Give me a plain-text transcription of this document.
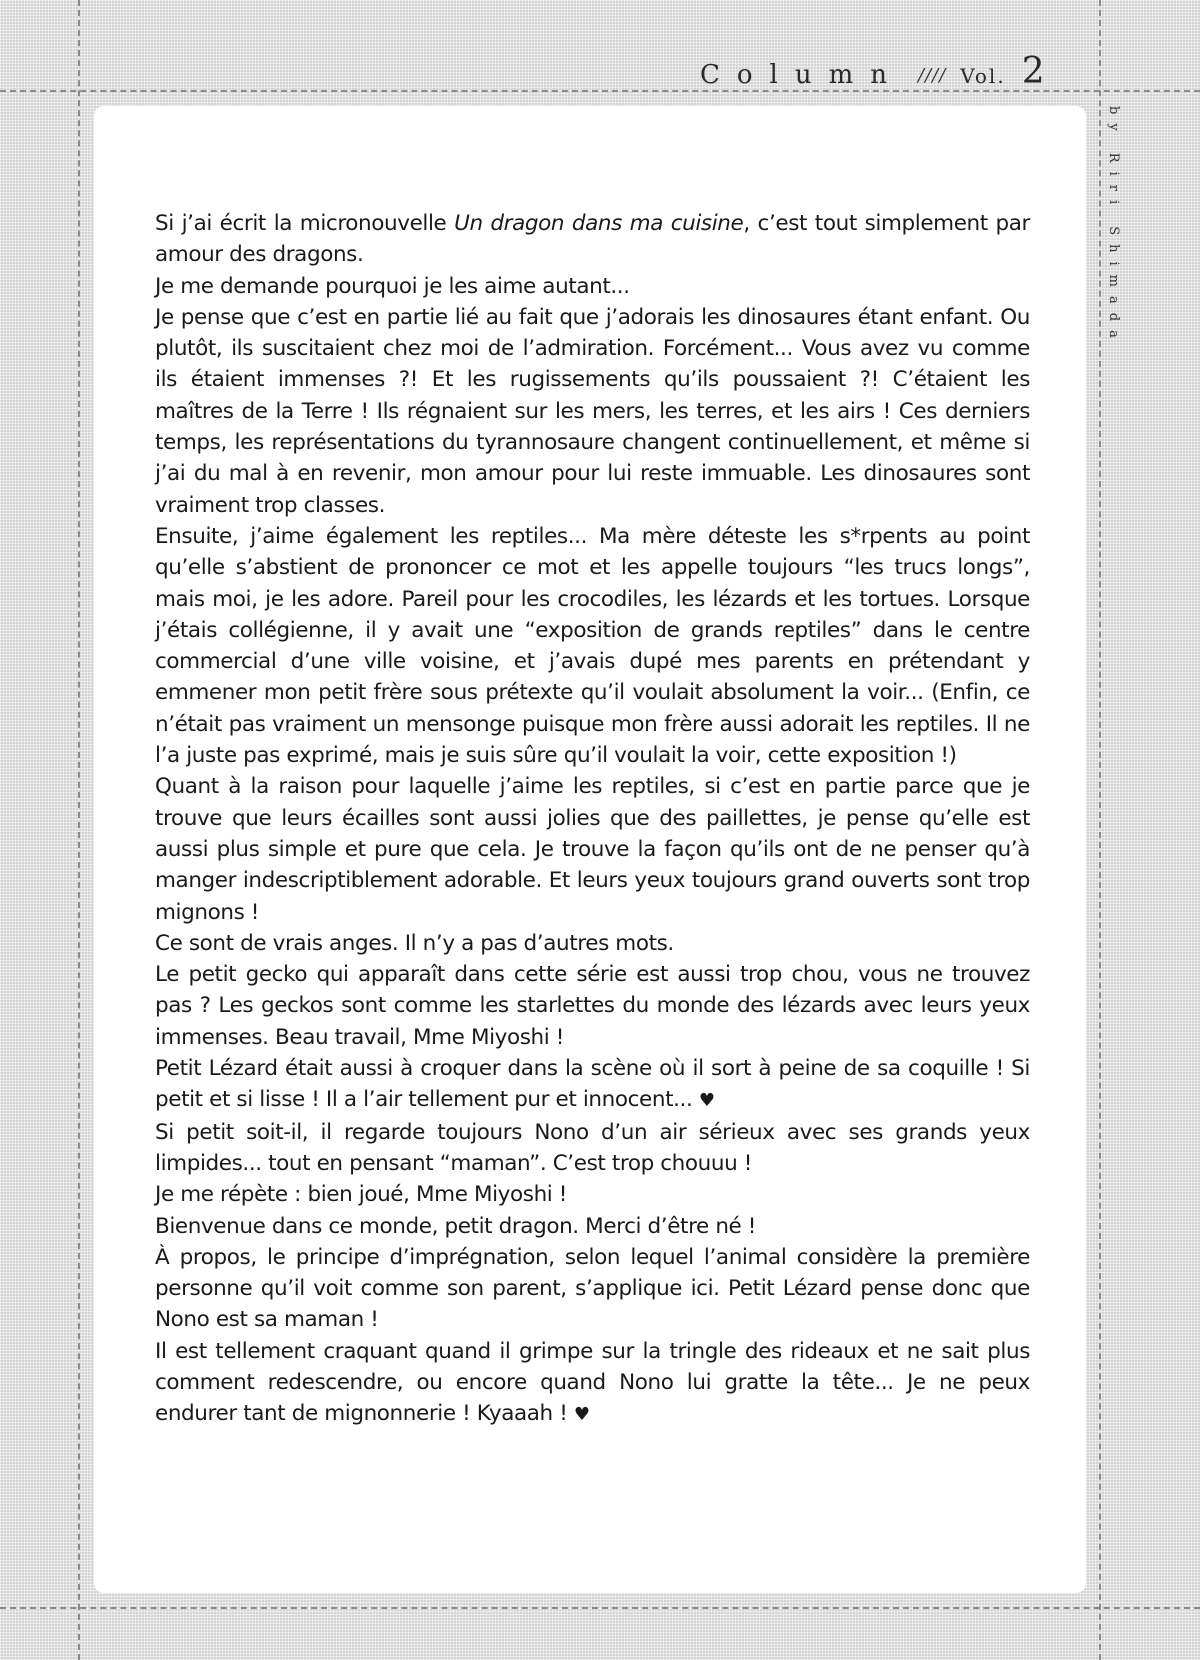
Column //// Vol. 2
by Riri Shimada

Si j’ai écrit la micronouvelle Un dragon dans ma cuisine, c’est tout simplement par amour des dragons.

Je me demande pourquoi je les aime autant...

Je pense que c’est en partie lié au fait que j’adorais les dinosaures étant enfant. Ou plutôt, ils suscitaient chez moi de l’admiration. Forcément... Vous avez vu comme ils étaient immenses ?! Et les rugissements qu’ils poussaient ?! C’étaient les maîtres de la Terre ! Ils régnaient sur les mers, les terres, et les airs ! Ces derniers temps, les représentations du tyrannosaure changent continuellement, et même si j’ai du mal à en revenir, mon amour pour lui reste immuable. Les dinosaures sont vraiment trop classes.

Ensuite, j’aime également les reptiles... Ma mère déteste les s*rpents au point qu’elle s’abstient de prononcer ce mot et les appelle toujours “les trucs longs”, mais moi, je les adore. Pareil pour les crocodiles, les lézards et les tortues. Lorsque j’étais collégienne, il y avait une “exposition de grands reptiles” dans le centre commercial d’une ville voisine, et j’avais dupé mes parents en prétendant y emmener mon petit frère sous prétexte qu’il voulait absolument la voir... (Enfin, ce n’était pas vraiment un mensonge puisque mon frère aussi adorait les reptiles. Il ne l’a juste pas exprimé, mais je suis sûre qu’il voulait la voir, cette exposition !)

Quant à la raison pour laquelle j’aime les reptiles, si c’est en partie parce que je trouve que leurs écailles sont aussi jolies que des paillettes, je pense qu’elle est aussi plus simple et pure que cela. Je trouve la façon qu’ils ont de ne penser qu’à manger indescriptiblement adorable. Et leurs yeux toujours grand ouverts sont trop mignons !

Ce sont de vrais anges. Il n’y a pas d’autres mots.

Le petit gecko qui apparaît dans cette série est aussi trop chou, vous ne trouvez pas ? Les geckos sont comme les starlettes du monde des lézards avec leurs yeux immenses. Beau travail, Mme Miyoshi !

Petit Lézard était aussi à croquer dans la scène où il sort à peine de sa coquille ! Si petit et si lisse ! Il a l’air tellement pur et innocent... ♥

Si petit soit-il, il regarde toujours Nono d’un air sérieux avec ses grands yeux limpides... tout en pensant “maman”. C’est trop chouuu !

Je me répète : bien joué, Mme Miyoshi !

Bienvenue dans ce monde, petit dragon. Merci d’être né !

À propos, le principe d’imprégnation, selon lequel l’animal considère la première personne qu’il voit comme son parent, s’applique ici. Petit Lézard pense donc que Nono est sa maman !

Il est tellement craquant quand il grimpe sur la tringle des rideaux et ne sait plus comment redescendre, ou encore quand Nono lui gratte la tête... Je ne peux endurer tant de mignonnerie ! Kyaaah ! ♥
